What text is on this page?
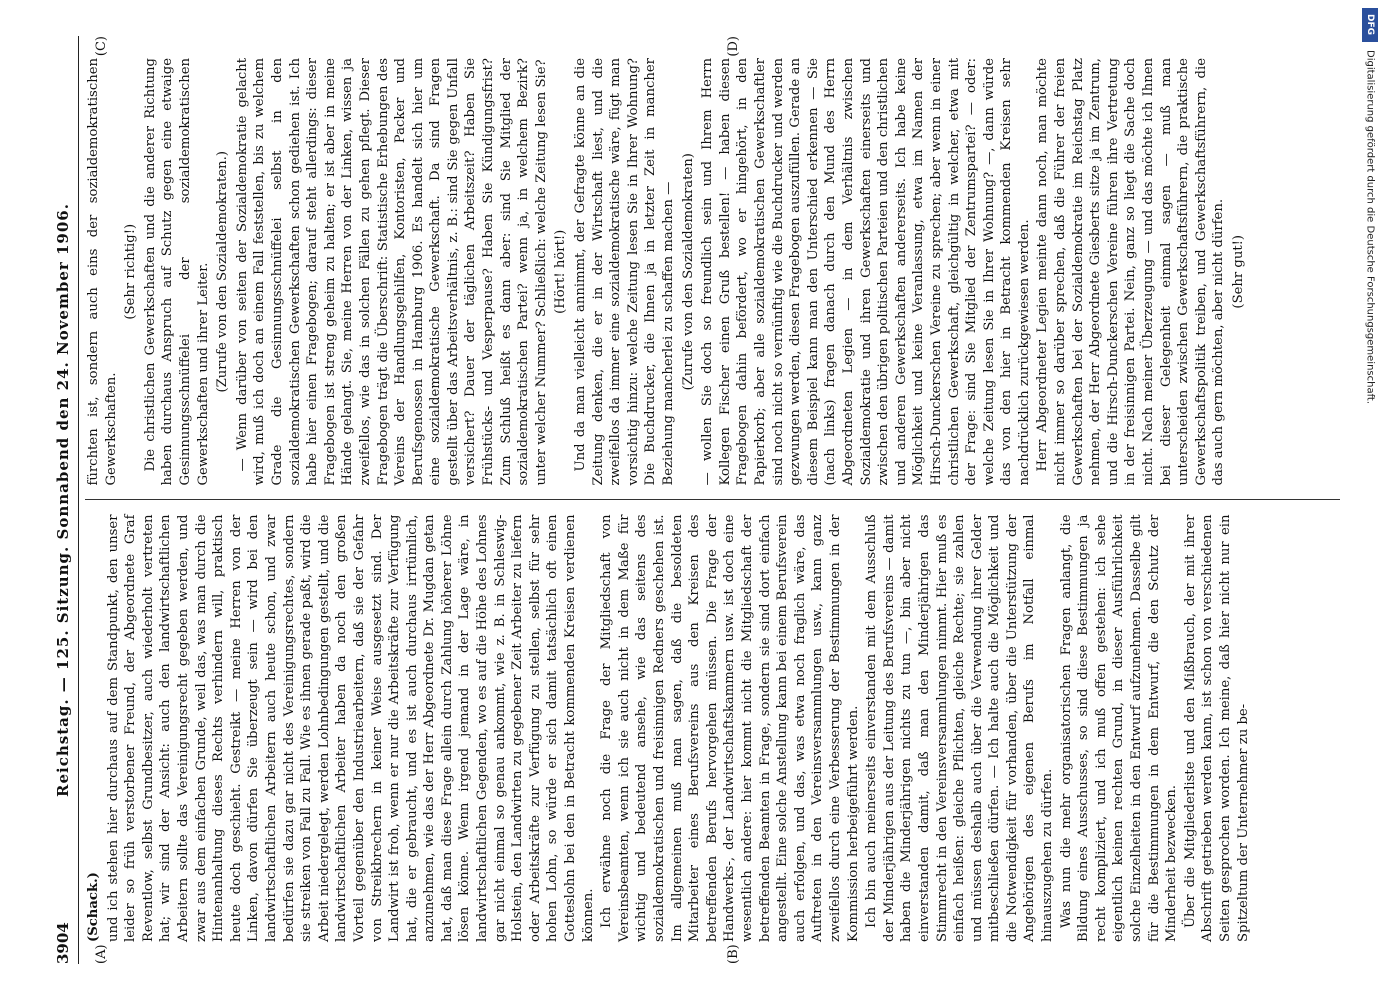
3904
Reichstag. — 125. Sitzung. Sonnabend den 24. November 1906.
(A)	(B)
(Schack.) und ich stehen hier durchaus auf dem Standpunkt, den unser leider so früh verstorbener Freund, der Abgeordnete Graf Reventlow, selbst Grundbesitzer, auch wiederholt vertreten hat; wir sind der Ansicht: auch den landwirtschaftlichen Arbeitern sollte das Vereinigungsrecht gegeben werden, und zwar aus dem einfachen Grunde, weil das, was man durch die Hintenanhaltung dieses Rechts verhindern will, praktisch heute doch geschieht. Gestreikt — meine Herren von der Linken, davon dürfen Sie überzeugt sein — wird bei den landwirtschaftlichen Arbeitern auch heute schon, und zwar bedürfen sie dazu gar nicht des Vereinigungsrechtes, sondern sie streiken von Fall zu Fall. Wie es ihnen gerade paßt, wird die Arbeit niedergelegt, werden Lohnbedingungen gestellt, und die landwirtschaftlichen Arbeiter haben da noch den großen Vorteil gegenüber den Industriearbeitern, daß sie der Gefahr von Streikbrechern in keiner Weise ausgesetzt sind. Der Landwirt ist froh, wenn er nur die Arbeitskräfte zur Verfügung hat, die er gebraucht, und es ist auch durchaus irrtümlich, anzunehmen, wie das der Herr Abgeordnete Dr. Mugdan getan hat, daß man diese Frage allein durch Zahlung höherer Löhne lösen könne. Wenn irgend jemand in der Lage wäre, in landwirtschaftlichen Gegenden, wo es auf die Höhe des Lohnes gar nicht einmal so genau ankommt, wie z. B. in Schleswig-Holstein, den Landwirten zu gegebener Zeit Arbeiter zu liefern oder Arbeitskräfte zur Verfügung zu stellen, selbst für sehr hohen Lohn, so würde er sich damit tatsächlich oft einen Gotteslohn bei den in Betracht kommenden Kreisen verdienen können. Ich erwähne noch die Frage der Mitgliedschaft von Vereinsbeamten, wenn ich sie auch nicht in dem Maße für wichtig und bedeutend ansehe, wie das seitens des sozialdemokratischen und freisinnigen Redners geschehen ist. Im allgemeinen muß man sagen, daß die besoldeten Mitarbeiter eines Berufsvereins aus den Kreisen des betreffenden Berufs hervorgehen müssen. Die Frage der Handwerks-, der Landwirtschaftskammern usw. ist doch eine wesentlich andere: hier kommt nicht die Mitgliedschaft der betreffenden Beamten in Frage, sondern sie sind dort einfach angestellt. Eine solche Anstellung kann bei einem Berufsverein auch erfolgen, und das, was etwa noch fraglich wäre, das Auftreten in den Vereinsversammlungen usw., kann ganz zweifellos durch eine Verbesserung der Bestimmungen in der Kommission herbeigeführt werden. Ich bin auch meinerseits einverstanden mit dem Ausschluß der Minderjährigen aus der Leitung des Berufsvereins — damit haben die Minderjährigen nichts zu tun —, bin aber nicht einverstanden damit, daß man den Minderjährigen das Stimmrecht in den Vereinsversammlungen nimmt. Hier muß es einfach heißen: gleiche Pflichten, gleiche Rechte; sie zahlen und müssen deshalb auch über die Verwendung ihrer Gelder mitbeschließen dürfen. — Ich halte auch die Möglichkeit und die Notwendigkeit für vorhanden, über die Unterstützung der Angehörigen des eigenen Berufs im Notfall einmal hinauszugehen zu dürfen. Was nun die mehr organisatorischen Fragen anlangt, die Bildung eines Ausschusses, so sind diese Bestimmungen ja recht kompliziert, und ich muß offen gestehen: ich sehe eigentlich keinen rechten Grund, in dieser Ausführlichkeit solche Einzelheiten in den Entwurf aufzunehmen. Dasselbe gilt für die Bestimmungen in dem Entwurf, die den Schutz der Minderheit bezwecken. Über die Mitgliederliste und den Mißbrauch, der mit ihrer Abschrift getrieben werden kann, ist schon von verschiedenen Seiten gesprochen worden. Ich meine, daß hier nicht nur ein Spitzeltum der Unternehmer zu be-

(C)	(D)

fürchten ist, sondern auch eins der sozialdemokratischen Gewerkschaften.

(Sehr richtig!) Die christlichen Gewerkschaften und die anderer Richtung haben durchaus Anspruch auf Schutz gegen eine etwaige Gesinnungsschnüffelei der sozialdemokratischen Gewerkschaften und ihrer Leiter. (Zurufe von den Sozialdemokraten.) — Wenn darüber von seiten der Sozialdemokratie gelacht wird, muß ich doch an einem Fall feststellen, bis zu welchem Grade die Gesinnungsschnüffelei selbst in den sozialdemokratischen Gewerkschaften schon gediehen ist. Ich habe hier einen Fragebogen; darauf steht allerdings: dieser Fragebogen ist streng geheim zu halten; er ist aber in meine Hände gelangt. Sie, meine Herren von der Linken, wissen ja zweifellos, wie das in solchen Fällen zu gehen pflegt. Dieser Fragebogen trägt die Überschrift: Statistische Erhebungen des Vereins der Handlungsgehilfen, Kontoristen, Packer und Berufsgenossen in Hamburg 1906. Es handelt sich hier um eine sozialdemokratische Gewerkschaft. Da sind Fragen gestellt über das Arbeitsverhältnis, z. B.: sind Sie gegen Unfall versichert? Dauer der täglichen Arbeitszeit? Haben Sie Frühstücks- und Vesperpause? Haben Sie Kündigungsfrist? Zum Schluß heißt es dann aber: sind Sie Mitglied der sozialdemokratischen Partei? wenn ja, in welchem Bezirk? unter welcher Nummer? Schließlich: welche Zeitung lesen Sie? (Hört! hört!) Und da man vielleicht annimmt, der Gefragte könne an die Zeitung denken, die er in der Wirtschaft liest, und die zweifellos da immer eine sozialdemokratische wäre, fügt man vorsichtig hinzu: welche Zeitung lesen Sie in Ihrer Wohnung? Die Buchdrucker, die Ihnen ja in letzter Zeit in mancher Beziehung mancherlei zu schaffen machen — (Zurufe von den Sozialdemokraten) — wollen Sie doch so freundlich sein und Ihrem Herrn Kollegen Fischer einen Gruß bestellen! — haben diesen Fragebogen dahin befördert, wo er hingehört, in den Papierkorb; aber alle sozialdemokratischen Gewerkschaftler sind noch nicht so vernünftig wie die Buchdrucker und werden gezwungen werden, diesen Fragebogen auszufüllen. Gerade an diesem Beispiel kann man den Unterschied erkennen — Sie (nach links) fragen danach durch den Mund des Herrn Abgeordneten Legien — in dem Verhältnis zwischen Sozialdemokratie und ihren Gewerkschaften einerseits und zwischen den übrigen politischen Parteien und den christlichen und anderen Gewerkschaften andererseits. Ich habe keine Möglichkeit und keine Veranlassung, etwa im Namen der Hirsch-Dunckerschen Vereine zu sprechen; aber wenn in einer christlichen Gewerkschaft, gleichgültig in welcher, etwa mit der Frage: sind Sie Mitglied der Zentrumspartei? — oder: welche Zeitung lesen Sie in Ihrer Wohnung? —, dann würde das von den hier in Betracht kommenden Kreisen sehr nachdrücklich zurückgewiesen werden. Herr Abgeordneter Legien meinte dann noch, man möchte nicht immer so darüber sprechen, daß die Führer der freien Gewerkschaften bei der Sozialdemokratie im Reichstag Platz nehmen, der Herr Abgeordnete Giesberts sitze ja im Zentrum, und die Hirsch-Dunckerschen Vereine führen ihre Vertretung in der freisinnigen Partei. Nein, ganz so liegt die Sache doch nicht. Nach meiner Überzeugung — und das möchte ich Ihnen bei dieser Gelegenheit einmal sagen — muß man unterscheiden zwischen Gewerkschaftsführern, die praktische Gewerkschaftspolitik treiben, und Gewerkschaftsführern, die das auch gern möchten, aber nicht dürfen. (Sehr gut!)

DFG
Digitalisierung gefördert durch die Deutsche Forschungsgemeinschaft.
